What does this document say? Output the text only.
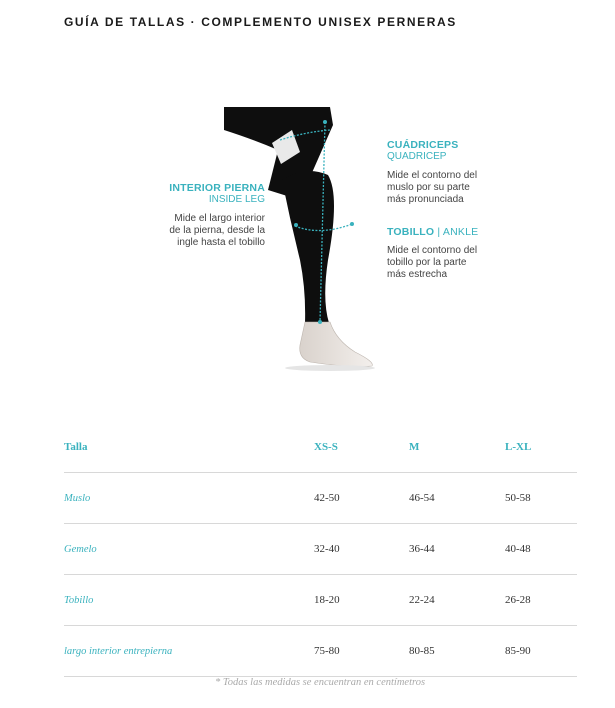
GUÍA DE TALLAS · COMPLEMENTO UNISEX PERNERAS
INTERIOR PIERNA
INSIDE LEG
Mide el largo interior
de la pierna, desde la
ingle hasta el tobillo
CUÁDRICEPS
QUADRICEP
Mide el contorno del
muslo por su parte
más pronunciada
TOBILLO | ANKLE
Mide el contorno del
tobillo por la parte
más estrecha
Talla	XS-S	M	L-XL
Muslo	42-50	46-54	50-58
Gemelo	32-40	36-44	40-48
Tobillo	18-20	22-24	26-28
largo interior entrepierna	75-80	80-85	85-90
* Todas las medidas se encuentran en centímetros
